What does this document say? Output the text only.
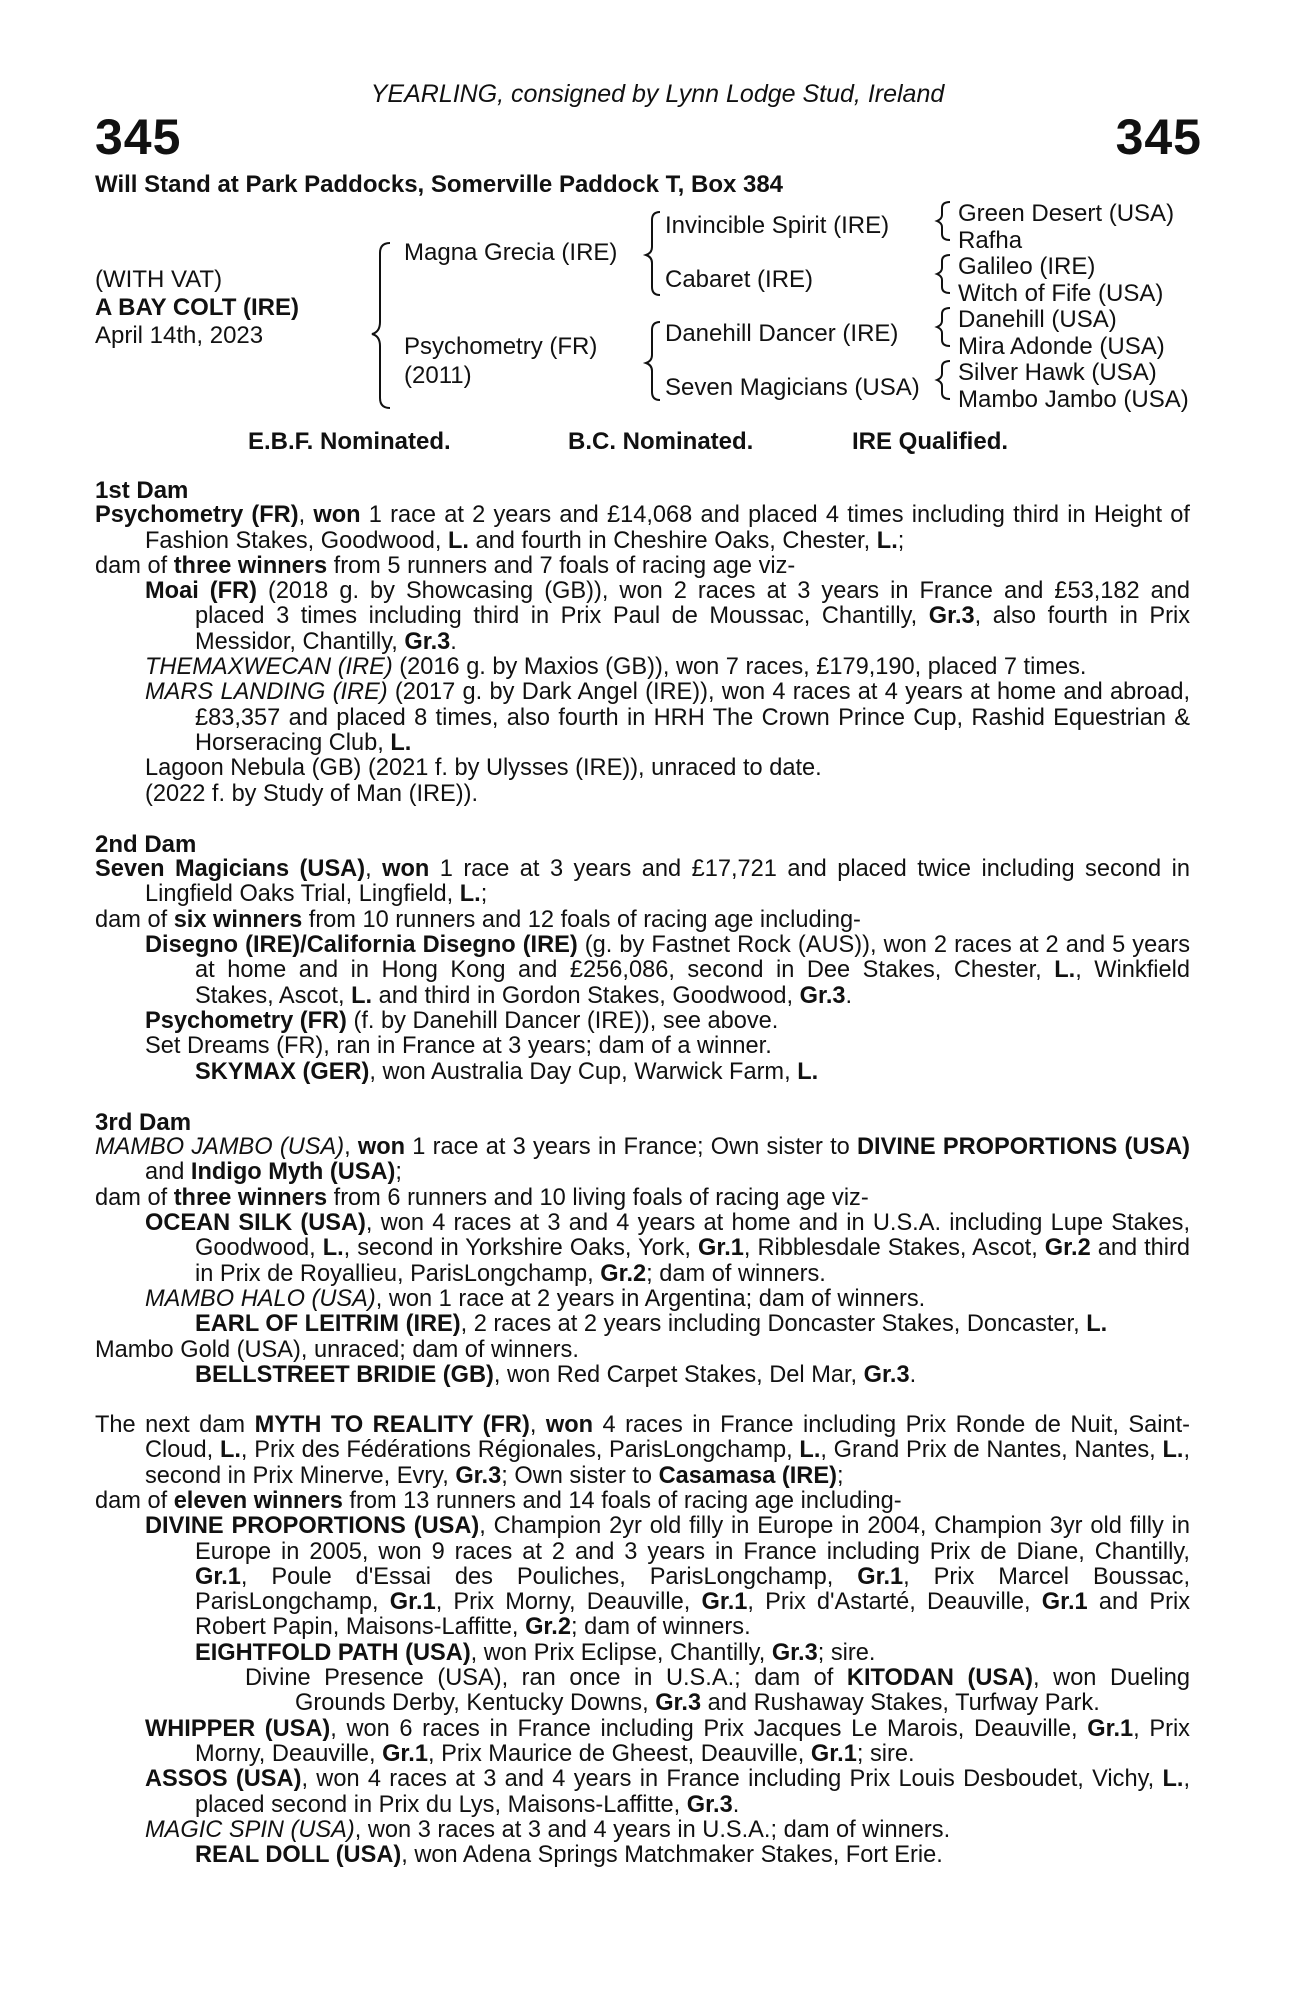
YEARLING, consigned by Lynn Lodge Stud, Ireland
345	345
Will Stand at Park Paddocks, Somerville Paddock T, Box 384
(WITH VAT)
A BAY COLT (IRE)
April 14th, 2023
Magna Grecia (IRE)
Psychometry (FR)
(2011)
Invincible Spirit (IRE)
Cabaret (IRE)
Danehill Dancer (IRE)
Seven Magicians (USA)
Green Desert (USA)
Rafha
Galileo (IRE)
Witch of Fife (USA)
Danehill (USA)
Mira Adonde (USA)
Silver Hawk (USA)
Mambo Jambo (USA)
E.B.F. Nominated.	B.C. Nominated.	IRE Qualified.

1st Dam

Psychometry (FR), won 1 race at 2 years and £14,068 and placed 4 times including third in Height of Fashion Stakes, Goodwood, L. and fourth in Cheshire Oaks, Chester, L.;

dam of three winners from 5 runners and 7 foals of racing age viz-

Moai (FR) (2018 g. by Showcasing (GB)), won 2 races at 3 years in France and £53,182 and placed 3 times including third in Prix Paul de Moussac, Chantilly, Gr.3, also fourth in Prix Messidor, Chantilly, Gr.3.

THEMAXWECAN (IRE) (2016 g. by Maxios (GB)), won 7 races, £179,190, placed 7 times.

MARS LANDING (IRE) (2017 g. by Dark Angel (IRE)), won 4 races at 4 years at home and abroad, £83,357 and placed 8 times, also fourth in HRH The Crown Prince Cup, Rashid Equestrian & Horseracing Club, L.

Lagoon Nebula (GB) (2021 f. by Ulysses (IRE)), unraced to date.

(2022 f. by Study of Man (IRE)).

2nd Dam

Seven Magicians (USA), won 1 race at 3 years and £17,721 and placed twice including second in Lingfield Oaks Trial, Lingfield, L.;

dam of six winners from 10 runners and 12 foals of racing age including-

Disegno (IRE)/California Disegno (IRE) (g. by Fastnet Rock (AUS)), won 2 races at 2 and 5 years at home and in Hong Kong and £256,086, second in Dee Stakes, Chester, L., Winkfield Stakes, Ascot, L. and third in Gordon Stakes, Goodwood, Gr.3.

Psychometry (FR) (f. by Danehill Dancer (IRE)), see above.

Set Dreams (FR), ran in France at 3 years; dam of a winner.

SKYMAX (GER), won Australia Day Cup, Warwick Farm, L.

3rd Dam

MAMBO JAMBO (USA), won 1 race at 3 years in France; Own sister to DIVINE PROPORTIONS (USA) and Indigo Myth (USA);

dam of three winners from 6 runners and 10 living foals of racing age viz-

OCEAN SILK (USA), won 4 races at 3 and 4 years at home and in U.S.A. including Lupe Stakes, Goodwood, L., second in Yorkshire Oaks, York, Gr.1, Ribblesdale Stakes, Ascot, Gr.2 and third in Prix de Royallieu, ParisLongchamp, Gr.2; dam of winners.

MAMBO HALO (USA), won 1 race at 2 years in Argentina; dam of winners.

EARL OF LEITRIM (IRE), 2 races at 2 years including Doncaster Stakes, Doncaster, L.

Mambo Gold (USA), unraced; dam of winners.

BELLSTREET BRIDIE (GB), won Red Carpet Stakes, Del Mar, Gr.3.

The next dam MYTH TO REALITY (FR), won 4 races in France including Prix Ronde de Nuit, Saint-Cloud, L., Prix des Fédérations Régionales, ParisLongchamp, L., Grand Prix de Nantes, Nantes, L., second in Prix Minerve, Evry, Gr.3; Own sister to Casamasa (IRE);

dam of eleven winners from 13 runners and 14 foals of racing age including-

DIVINE PROPORTIONS (USA), Champion 2yr old filly in Europe in 2004, Champion 3yr old filly in Europe in 2005, won 9 races at 2 and 3 years in France including Prix de Diane, Chantilly, Gr.1, Poule d'Essai des Pouliches, ParisLongchamp, Gr.1, Prix Marcel Boussac, ParisLongchamp, Gr.1, Prix Morny, Deauville, Gr.1, Prix d'Astarté, Deauville, Gr.1 and Prix Robert Papin, Maisons-Laffitte, Gr.2; dam of winners.

EIGHTFOLD PATH (USA), won Prix Eclipse, Chantilly, Gr.3; sire.

Divine Presence (USA), ran once in U.S.A.; dam of KITODAN (USA), won Dueling Grounds Derby, Kentucky Downs, Gr.3 and Rushaway Stakes, Turfway Park.

WHIPPER (USA), won 6 races in France including Prix Jacques Le Marois, Deauville, Gr.1, Prix Morny, Deauville, Gr.1, Prix Maurice de Gheest, Deauville, Gr.1; sire.

ASSOS (USA), won 4 races at 3 and 4 years in France including Prix Louis Desboudet, Vichy, L., placed second in Prix du Lys, Maisons-Laffitte, Gr.3.

MAGIC SPIN (USA), won 3 races at 3 and 4 years in U.S.A.; dam of winners.

REAL DOLL (USA), won Adena Springs Matchmaker Stakes, Fort Erie.
